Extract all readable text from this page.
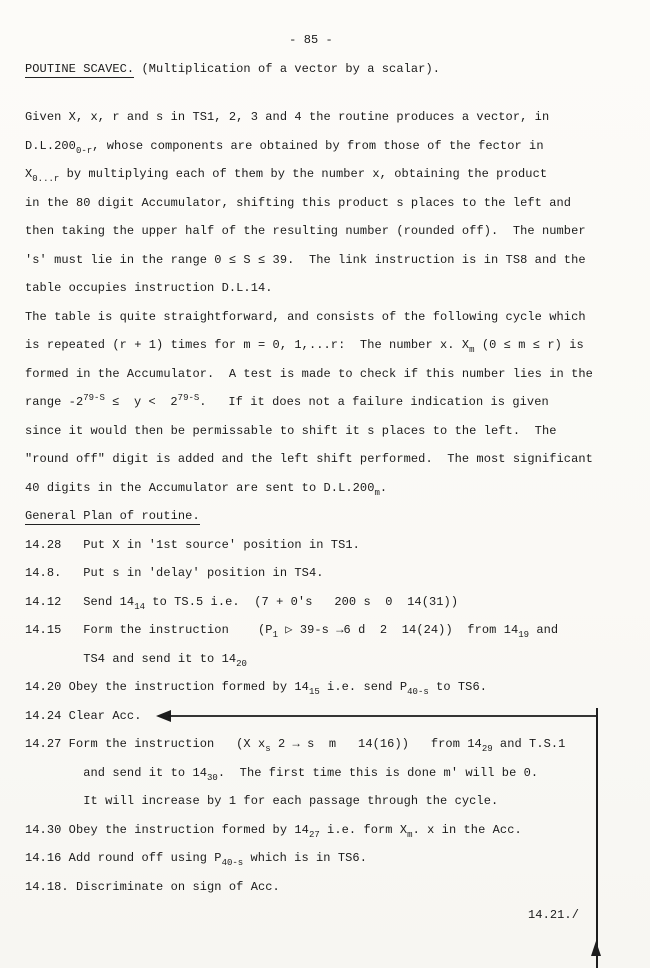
- 85 -
POUTINE SCAVEC. (Multiplication of a vector by a scalar).
Given X, x, r and s in TS1, 2, 3 and 4 the routine produces a vector, in
$D.L.200_{0-r}$, whose components are obtained by from those of the fector in
$X_{0...r}$ by multiplying each of them by the number x, obtaining the product
in the 80 digit Accumulator, shifting this product s places to the left and
then taking the upper half of the resulting number (rounded off).  The number
's' must lie in the range 0 ≤ S ≤ 39.  The link instruction is in TS8 and the
table occupies instruction D.L.14.
The table is quite straightforward, and consists of the following cycle which
is repeated (r + 1) times for m = 0, 1,...r:  The number x. $X_m$ (0 ≤ m ≤ r) is
formed in the Accumulator.  A test is made to check if this number lies in the
range $-2^{79-S} \le y < 2^{79-S}$.   If it does not a failure indication is given
since it would then be permissable to shift it s places to the left.  The
"round off" digit is added and the left shift performed.  The most significant
40 digits in the Accumulator are sent to $D.L.200_m$.
General Plan of routine.
14.28   Put X in '1st source' position in TS1.
14.8.   Put s in 'delay' position in TS4.
14.12   Send $14_{14}$ to TS.5 i.e.  (7 + 0's   200 s  0  14(31))
14.15   Form the instruction    ($P_1$ ▷ 39-s →6 d  2  14(24))  from $14_{19}$ and
TS4 and send it to $14_{20}$
14.20 Obey the instruction formed by $14_{15}$ i.e. send $P_{40-s}$ to TS6.
14.24 Clear Acc.
14.27 Form the instruction   (X $x_s$ 2 → s  m   14(16))   from $14_{29}$ and T.S.1
and send it to $14_{30}$.  The first time this is done m' will be 0.
It will increase by 1 for each passage through the cycle.
14.30 Obey the instruction formed by $14_{27}$ i.e. form $X_m$. x in the Acc.
14.16 Add round off using $P_{40-s}$ which is in TS6.
14.18. Discriminate on sign of Acc.
14.21./
